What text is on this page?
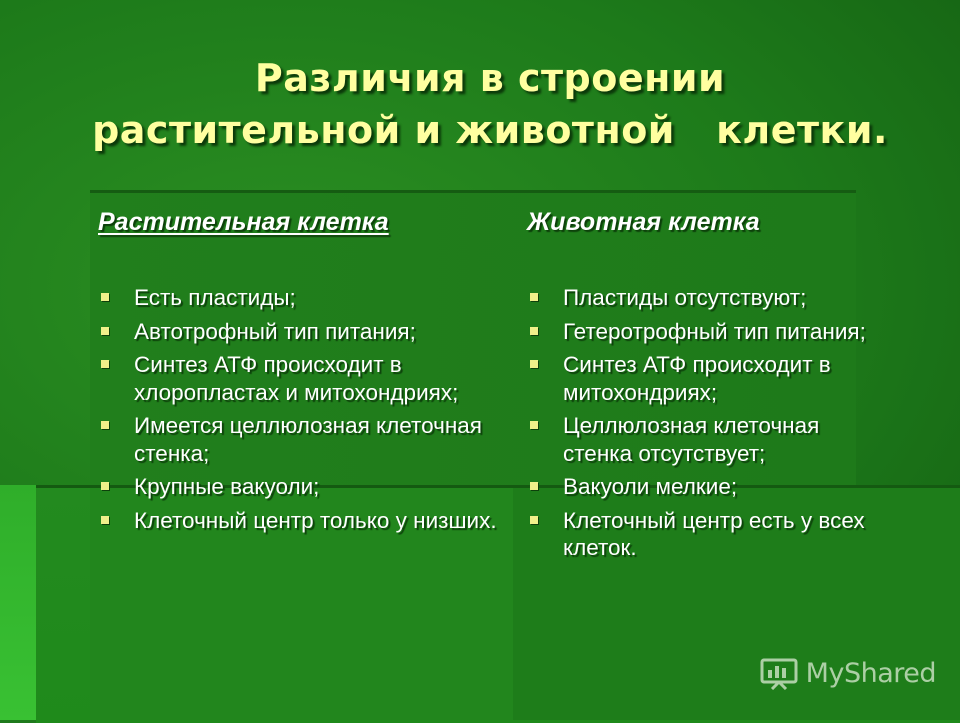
Различия в строении
растительной и животной   клетки.
Растительная клетка
Есть пластиды;
Автотрофный тип питания;
Синтез АТФ происходит в хлоропластах и митохондриях;
Имеется целлюлозная клеточная стенка;
Крупные вакуоли;
Клеточный центр только у низших.
Животная клетка
Пластиды отсутствуют;
Гетеротрофный тип питания;
Синтез АТФ происходит в митохондриях;
Целлюлозная клеточная стенка отсутствует;
Вакуоли мелкие;
Клеточный центр есть у всех клеток.
MyShared
